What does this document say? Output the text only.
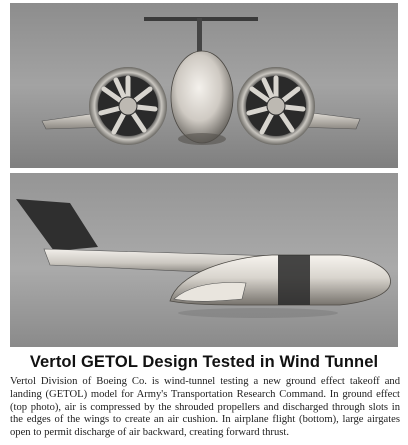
Vertol GETOL Design Tested in Wind Tunnel
Vertol Division of Boeing Co. is wind-tunnel testing a new ground effect takeoff and landing (GETOL) model for Army's Transportation Research Command. In ground effect (top photo), air is compressed by the shrouded propellers and discharged through slots in the edges of the wings to create an air cushion. In airplane flight (bottom), large airgates open to permit discharge of air backward, creating forward thrust.
